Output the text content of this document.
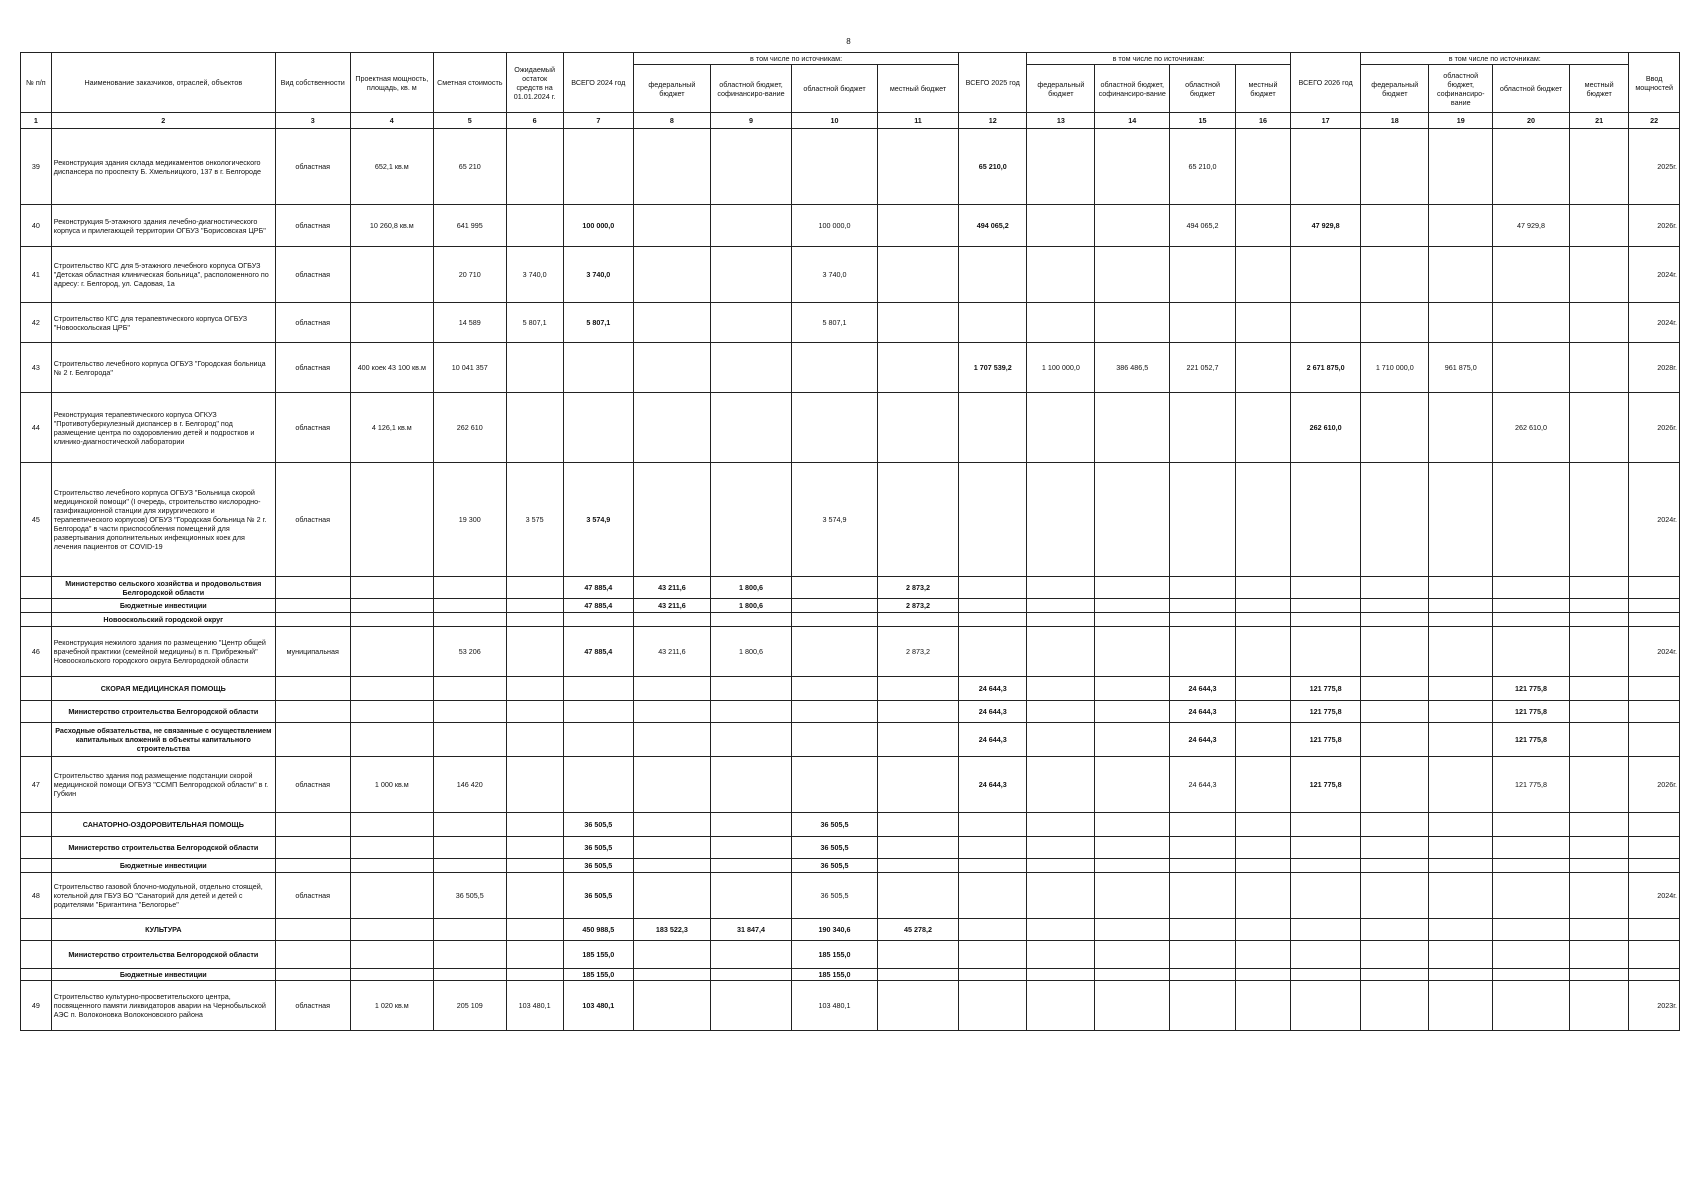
8
№ п/п	Наименование заказчиков, отраслей, объектов	Вид собственности	Проектная мощность, площадь, кв. м	Сметная стоимость	Ожидаемый остаток средств на 01.01.2024 г.	ВСЕГО 2024 год	в том числе по источникам:				ВСЕГО 2025 год	в том числе по источникам:				ВСЕГО 2026 год	в том числе по источникам:				Ввод мощностей
							федеральный бюджет	областной бюджет, софинансиро-вание	областной бюджет	местный бюджет		федеральный бюджет	областной бюджет, софинансиро-вание	областной бюджет	местный бюджет		федеральный бюджет	областной бюджет, софинансиро-вание	областной бюджет	местный бюджет	
1	2	3	4	5	6	7	8	9	10	11	12	13	14	15	16	17	18	19	20	21	22
39	Реконструкция здания склада медикаментов онкологического диспансера по проспекту Б. Хмельницкого, 137 в г. Белгороде	областная	652,1 кв.м	65 210							65 210,0			65 210,0							2025г.
40	Реконструкция 5-этажного здания лечебно-диагностического корпуса и прилегающей территории ОГБУЗ "Борисовская ЦРБ"	областная	10 260,8 кв.м	641 995		100 000,0			100 000,0		494 065,2			494 065,2		47 929,8			47 929,8		2026г.
41	Строительство КГС для 5-этажного лечебного корпуса ОГБУЗ "Детская областная клиническая больница", расположенного по адресу: г. Белгород, ул. Садовая, 1а	областная		20 710	3 740,0	3 740,0			3 740,0												2024г.
42	Строительство КГС для терапевтического корпуса ОГБУЗ "Новооскольская ЦРБ"	областная		14 589	5 807,1	5 807,1			5 807,1												2024г.
43	Строительство лечебного корпуса ОГБУЗ "Городская больница № 2 г. Белгорода"	областная	400 коек 43 100 кв.м	10 041 357							1 707 539,2	1 100 000,0	386 486,5	221 052,7		2 671 875,0	1 710 000,0	961 875,0			2028г.
44	Реконструкция терапевтического корпуса ОГКУЗ "Противотуберкулезный диспансер в г. Белгород" под размещение центра по оздоровлению детей и подростков и клинико-диагностической лаборатории	областная	4 126,1 кв.м	262 610												262 610,0			262 610,0		2026г.
45	Строительство лечебного корпуса ОГБУЗ "Больница скорой медицинской помощи" (I очередь, строительство кислородно-газификационной станции для хирургического и терапевтического корпусов) ОГБУЗ "Городская больница № 2 г. Белгорода" в части приспособления помещений для развертывания дополнительных инфекционных коек для лечения пациентов от COVID-19	областная		19 300	3 575	3 574,9			3 574,9												2024г.
	Министерство сельского хозяйства и продовольствия Белгородской области					47 885,4	43 211,6	1 800,6		2 873,2											
	Бюджетные инвестиции					47 885,4	43 211,6	1 800,6		2 873,2											
	Новооскольский городской округ																				
46	Реконструкция нежилого здания по размещению "Центр общей врачебной практики (семейной медицины) в п. Прибрежный" Новооскольского городского округа Белгородской области	муниципальная		53 206		47 885,4	43 211,6	1 800,6		2 873,2											2024г.
	СКОРАЯ МЕДИЦИНСКАЯ ПОМОЩЬ										24 644,3			24 644,3		121 775,8			121 775,8		
	Министерство строительства Белгородской области										24 644,3			24 644,3		121 775,8			121 775,8		
	Расходные обязательства, не связанные с осуществлением капитальных вложений в объекты капитального строительства										24 644,3			24 644,3		121 775,8			121 775,8		
47	Строительство здания под размещение подстанции скорой медицинской помощи ОГБУЗ "ССМП Белгородской области" в г. Губкин	областная	1 000 кв.м	146 420							24 644,3			24 644,3		121 775,8			121 775,8		2026г.
	САНАТОРНО-ОЗДОРОВИТЕЛЬНАЯ ПОМОЩЬ					36 505,5			36 505,5												
	Министерство строительства Белгородской области					36 505,5			36 505,5												
	Бюджетные инвестиции					36 505,5			36 505,5												
48	Строительство газовой блочно-модульной, отдельно стоящей, котельной для ГБУЗ БО "Санаторий для детей и детей с родителями "Бригантина "Белогорье"	областная		36 505,5		36 505,5			36 505,5												2024г.
	КУЛЬТУРА					450 988,5	183 522,3	31 847,4	190 340,6	45 278,2											
	Министерство строительства Белгородской области					185 155,0			185 155,0												
	Бюджетные инвестиции					185 155,0			185 155,0												
49	Строительство культурно-просветительского центра, посвященного памяти ликвидаторов аварии на Чернобыльской АЭС п. Волоконовка Волоконовского района	областная	1 020 кв.м	205 109	103 480,1	103 480,1			103 480,1												2023г.
